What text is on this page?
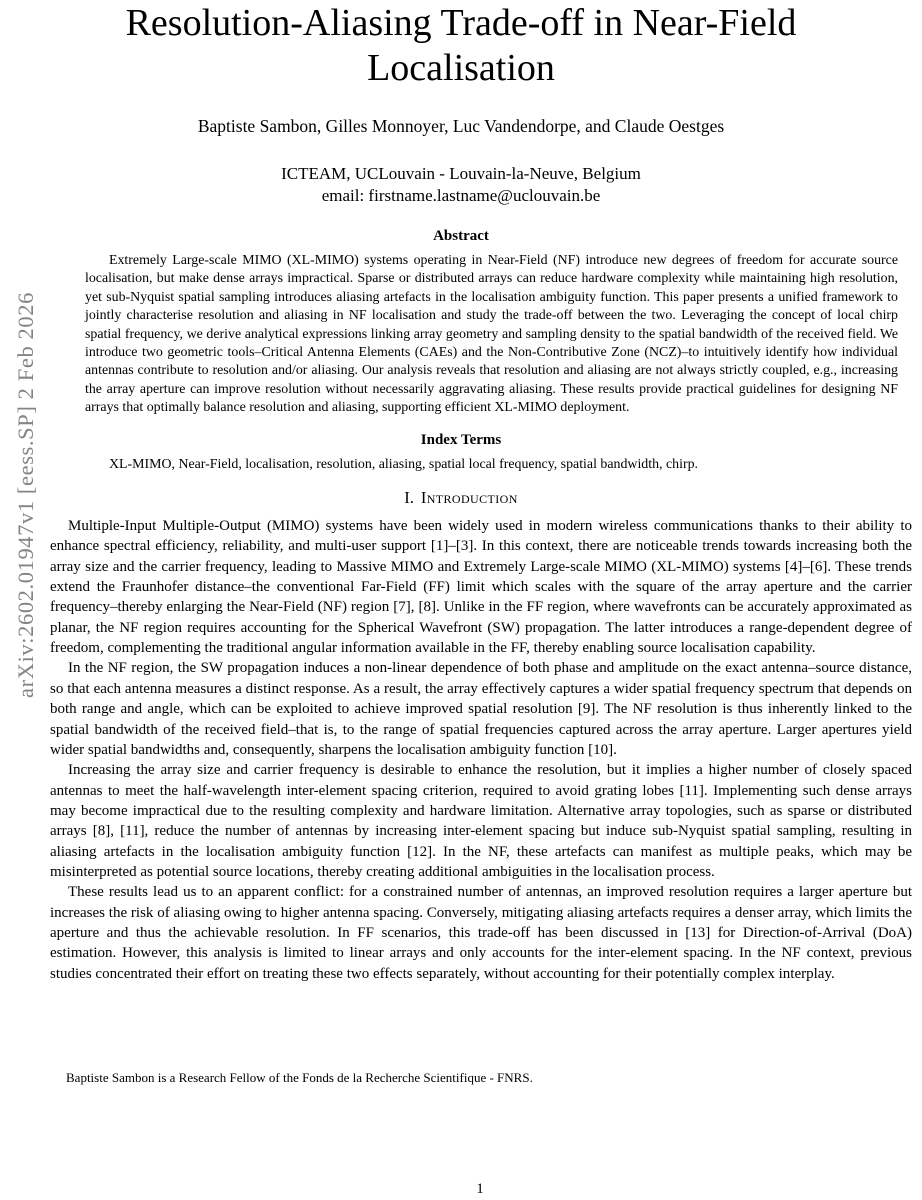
arXiv:2602.01947v1 [eess.SP] 2 Feb 2026
Resolution-Aliasing Trade-off in Near-Field Localisation
Baptiste Sambon, Gilles Monnoyer, Luc Vandendorpe, and Claude Oestges
ICTEAM, UCLouvain - Louvain-la-Neuve, Belgium
email: firstname.lastname@uclouvain.be
Abstract

Extremely Large-scale MIMO (XL-MIMO) systems operating in Near-Field (NF) introduce new degrees of freedom for accurate source localisation, but make dense arrays impractical. Sparse or distributed arrays can reduce hardware complexity while maintaining high resolution, yet sub-Nyquist spatial sampling introduces aliasing artefacts in the localisation ambiguity function. This paper presents a unified framework to jointly characterise resolution and aliasing in NF localisation and study the trade-off between the two. Leveraging the concept of local chirp spatial frequency, we derive analytical expressions linking array geometry and sampling density to the spatial bandwidth of the received field. We introduce two geometric tools–Critical Antenna Elements (CAEs) and the Non-Contributive Zone (NCZ)–to intuitively identify how individual antennas contribute to resolution and/or aliasing. Our analysis reveals that resolution and aliasing are not always strictly coupled, e.g., increasing the array aperture can improve resolution without necessarily aggravating aliasing. These results provide practical guidelines for designing NF arrays that optimally balance resolution and aliasing, supporting efficient XL-MIMO deployment.

Index Terms

XL-MIMO, Near-Field, localisation, resolution, aliasing, spatial local frequency, spatial bandwidth, chirp.

I. Introduction

Multiple-Input Multiple-Output (MIMO) systems have been widely used in modern wireless communications thanks to their ability to enhance spectral efficiency, reliability, and multi-user support [1]–[3]. In this context, there are noticeable trends towards increasing both the array size and the carrier frequency, leading to Massive MIMO and Extremely Large-scale MIMO (XL-MIMO) systems [4]–[6]. These trends extend the Fraunhofer distance–the conventional Far-Field (FF) limit which scales with the square of the array aperture and the carrier frequency–thereby enlarging the Near-Field (NF) region [7], [8]. Unlike in the FF region, where wavefronts can be accurately approximated as planar, the NF region requires accounting for the Spherical Wavefront (SW) propagation. The latter introduces a range-dependent degree of freedom, complementing the traditional angular information available in the FF, thereby enabling source localisation capability.

In the NF region, the SW propagation induces a non-linear dependence of both phase and amplitude on the exact antenna–source distance, so that each antenna measures a distinct response. As a result, the array effectively captures a wider spatial frequency spectrum that depends on both range and angle, which can be exploited to achieve improved spatial resolution [9]. The NF resolution is thus inherently linked to the spatial bandwidth of the received field–that is, to the range of spatial frequencies captured across the array aperture. Larger apertures yield wider spatial bandwidths and, consequently, sharpens the localisation ambiguity function [10].

Increasing the array size and carrier frequency is desirable to enhance the resolution, but it implies a higher number of closely spaced antennas to meet the half-wavelength inter-element spacing criterion, required to avoid grating lobes [11]. Implementing such dense arrays may become impractical due to the resulting complexity and hardware limitation. Alternative array topologies, such as sparse or distributed arrays [8], [11], reduce the number of antennas by increasing inter-element spacing but induce sub-Nyquist spatial sampling, resulting in aliasing artefacts in the localisation ambiguity function [12]. In the NF, these artefacts can manifest as multiple peaks, which may be misinterpreted as potential source locations, thereby creating additional ambiguities in the localisation process.

These results lead us to an apparent conflict: for a constrained number of antennas, an improved resolution requires a larger aperture but increases the risk of aliasing owing to higher antenna spacing. Conversely, mitigating aliasing artefacts requires a denser array, which limits the aperture and thus the achievable resolution. In FF scenarios, this trade-off has been discussed in [13] for Direction-of-Arrival (DoA) estimation. However, this analysis is limited to linear arrays and only accounts for the inter-element spacing. In the NF context, previous studies concentrated their effort on treating these two effects separately, without accounting for their potentially complex interplay.

Baptiste Sambon is a Research Fellow of the Fonds de la Recherche Scientifique - FNRS.
1
